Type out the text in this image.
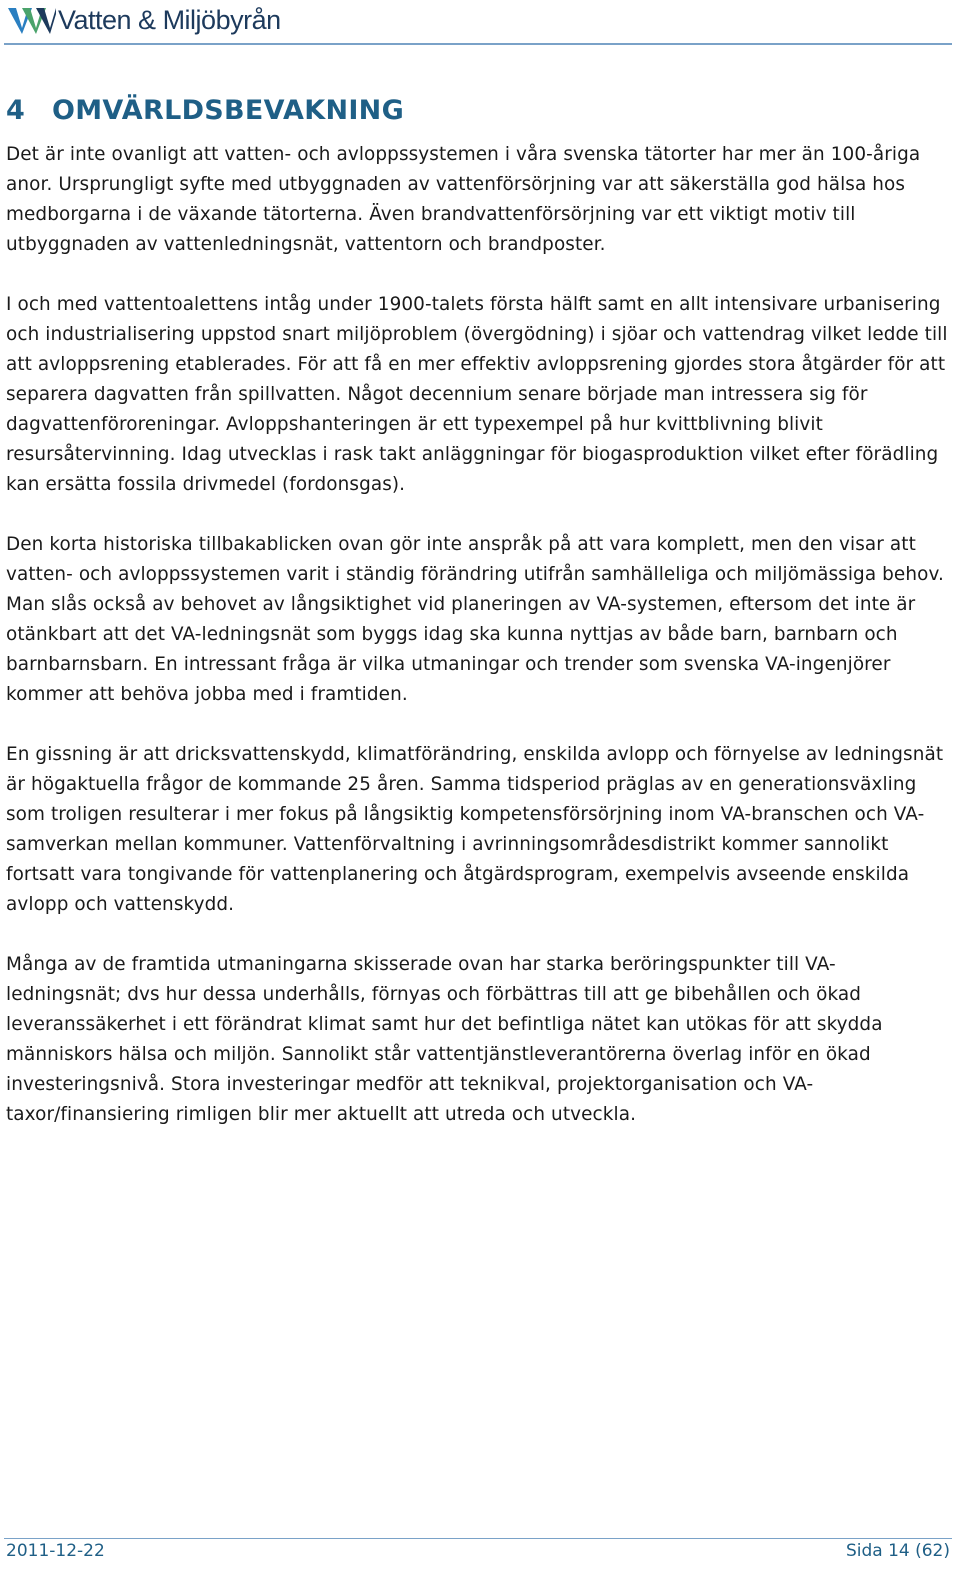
Vatten & Miljöbyrån
4 OMVÄRLDSBEVAKNING

Det är inte ovanligt att vatten- och avloppssystemen i våra svenska tätorter har mer än 100-åriga anor. Ursprungligt syfte med utbyggnaden av vattenförsörjning var att säkerställa god hälsa hos medborgarna i de växande tätorterna. Även brandvattenförsörjning var ett viktigt motiv till utbyggnaden av vattenledningsnät, vattentorn och brandposter.

I och med vattentoalettens intåg under 1900-talets första hälft samt en allt intensivare urbanisering och industrialisering uppstod snart miljöproblem (övergödning) i sjöar och vattendrag vilket ledde till att avloppsrening etablerades. För att få en mer effektiv avloppsrening gjordes stora åtgärder för att separera dagvatten från spillvatten. Något decennium senare började man intressera sig för dagvattenföroreningar. Avloppshanteringen är ett typexempel på hur kvittblivning blivit resursåtervinning. Idag utvecklas i rask takt anläggningar för biogasproduktion vilket efter förädling kan ersätta fossila drivmedel (fordonsgas).

Den korta historiska tillbakablicken ovan gör inte anspråk på att vara komplett, men den visar att vatten- och avloppssystemen varit i ständig förändring utifrån samhälleliga och miljömässiga behov. Man slås också av behovet av långsiktighet vid planeringen av VA-systemen, eftersom det inte är otänkbart att det VA-ledningsnät som byggs idag ska kunna nyttjas av både barn, barnbarn och barnbarnsbarn. En intressant fråga är vilka utmaningar och trender som svenska VA-ingenjörer kommer att behöva jobba med i framtiden.

En gissning är att dricksvattenskydd, klimatförändring, enskilda avlopp och förnyelse av ledningsnät är högaktuella frågor de kommande 25 åren. Samma tidsperiod präglas av en generationsväxling som troligen resulterar i mer fokus på långsiktig kompetensförsörjning inom VA-branschen och VA-samverkan mellan kommuner. Vattenförvaltning i avrinningsområdesdistrikt kommer sannolikt fortsatt vara tongivande för vattenplanering och åtgärdsprogram, exempelvis avseende enskilda avlopp och vattenskydd.

Många av de framtida utmaningarna skisserade ovan har starka beröringspunkter till VA-ledningsnät; dvs hur dessa underhålls, förnyas och förbättras till att ge bibehållen och ökad leveranssäkerhet i ett förändrat klimat samt hur det befintliga nätet kan utökas för att skydda människors hälsa och miljön. Sannolikt står vattentjänstleverantörerna överlag inför en ökad investeringsnivå. Stora investeringar medför att teknikval, projektorganisation och VA-taxor/finansiering rimligen blir mer aktuellt att utreda och utveckla.

2011-12-22	Sida 14 (62)
